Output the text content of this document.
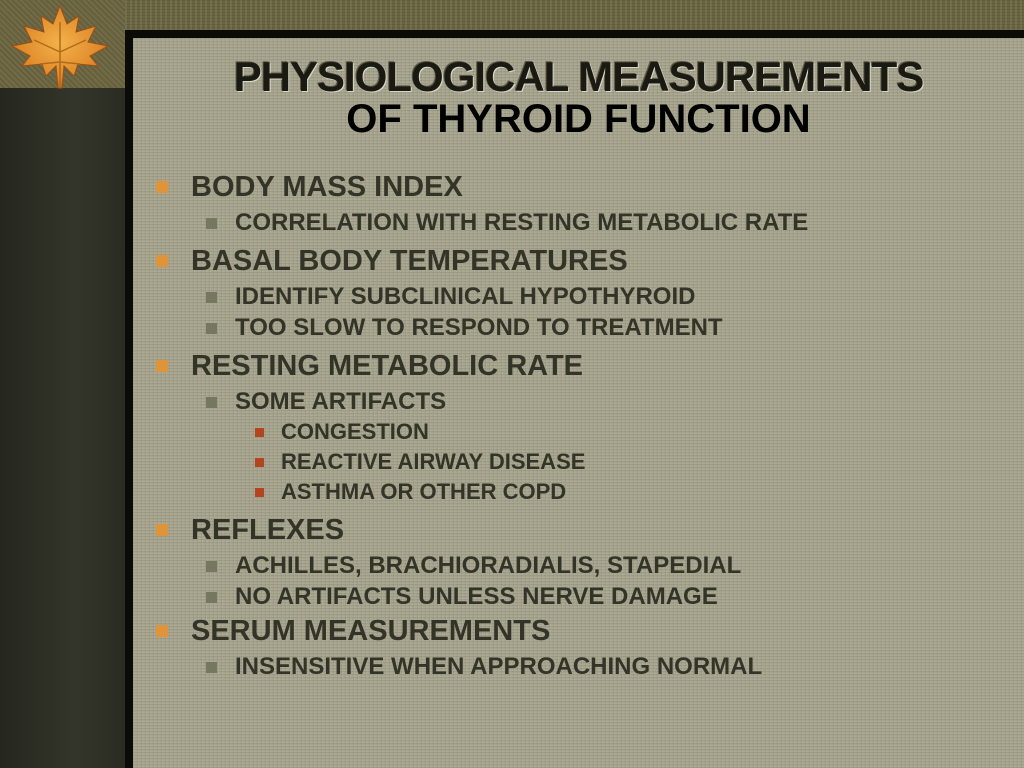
PHYSIOLOGICAL MEASUREMENTS
OF THYROID FUNCTION
BODY MASS INDEX
CORRELATION WITH RESTING METABOLIC RATE
BASAL BODY TEMPERATURES
IDENTIFY SUBCLINICAL HYPOTHYROID
TOO SLOW TO RESPOND TO TREATMENT
RESTING METABOLIC RATE
SOME ARTIFACTS
CONGESTION
REACTIVE AIRWAY DISEASE
ASTHMA OR OTHER COPD
REFLEXES
ACHILLES, BRACHIORADIALIS, STAPEDIAL
NO ARTIFACTS UNLESS NERVE DAMAGE
SERUM MEASUREMENTS
INSENSITIVE WHEN APPROACHING NORMAL
